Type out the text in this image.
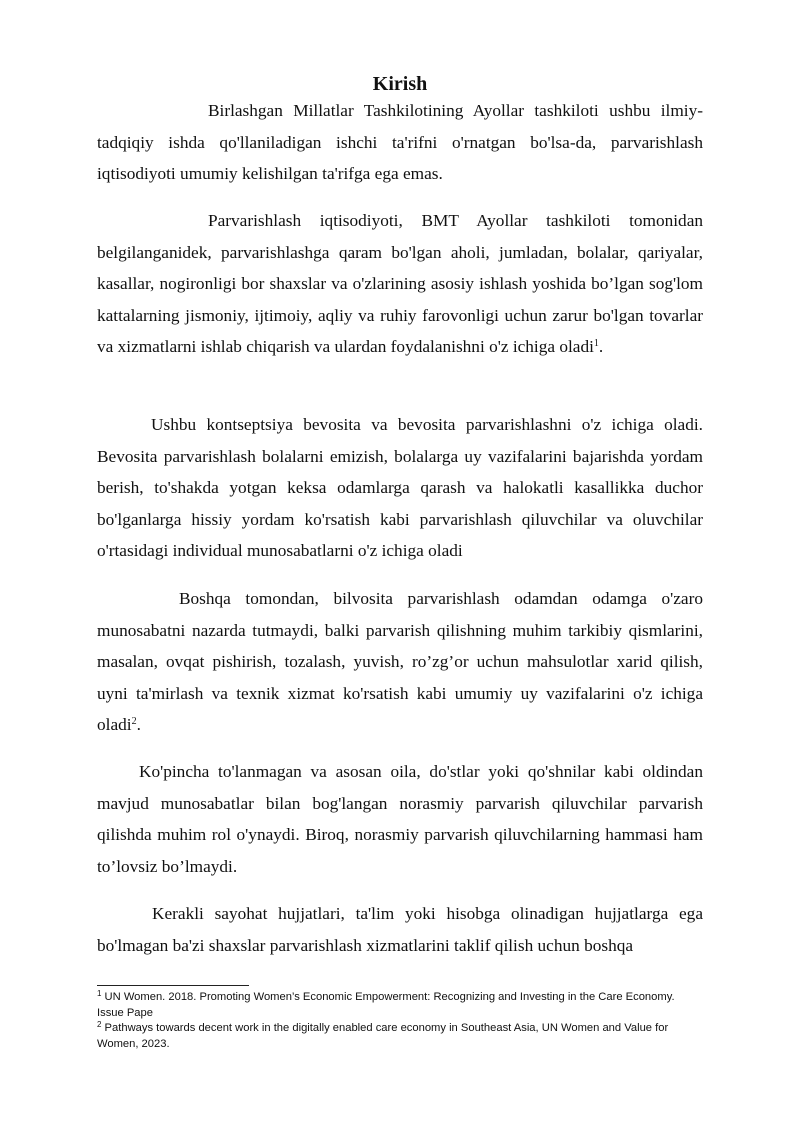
Kirish

Birlashgan Millatlar Tashkilotining Ayollar tashkiloti ushbu ilmiy-tadqiqiy ishda qo'llaniladigan ishchi ta'rifni o'rnatgan bo'lsa-da, parvarishlash iqtisodiyoti umumiy kelishilgan ta'rifga ega emas.

Parvarishlash iqtisodiyoti, BMT Ayollar tashkiloti tomonidan belgilanganidek, parvarishlashga qaram bo'lgan aholi, jumladan, bolalar, qariyalar, kasallar, nogironligi bor shaxslar va o'zlarining asosiy ishlash yoshida bo’lgan sog'lom kattalarning jismoniy, ijtimoiy, aqliy va ruhiy farovonligi uchun zarur bo'lgan tovarlar va xizmatlarni ishlab chiqarish va ulardan foydalanishni o'z ichiga oladi$^1$.

Ushbu kontseptsiya bevosita va bevosita parvarishlashni o'z ichiga oladi. Bevosita parvarishlash bolalarni emizish, bolalarga uy vazifalarini bajarishda yordam berish, to'shakda yotgan keksa odamlarga qarash va halokatli kasallikka duchor bo'lganlarga hissiy yordam ko'rsatish kabi parvarishlash qiluvchilar va oluvchilar o'rtasidagi individual munosabatlarni o'z ichiga oladi

Boshqa tomondan, bilvosita parvarishlash odamdan odamga o'zaro munosabatni nazarda tutmaydi, balki parvarish qilishning muhim tarkibiy qismlarini, masalan, ovqat pishirish, tozalash, yuvish, ro’zg’or uchun mahsulotlar xarid qilish, uyni ta'mirlash va texnik xizmat ko'rsatish kabi umumiy uy vazifalarini o'z ichiga oladi$^2$.

Ko'pincha to'lanmagan va asosan oila, do'stlar yoki qo'shnilar kabi oldindan mavjud munosabatlar bilan bog'langan norasmiy parvarish qiluvchilar parvarish qilishda muhim rol o'ynaydi. Biroq, norasmiy parvarish qiluvchilarning hammasi ham to’lovsiz bo’lmaydi.

Kerakli sayohat hujjatlari, ta'lim yoki hisobga olinadigan hujjatlarga ega bo'lmagan ba'zi shaxslar parvarishlash xizmatlarini taklif qilish uchun boshqa

$^1$ UN Women. 2018. Promoting Women’s Economic Empowerment: Recognizing and Investing in the Care Economy. Issue Pape

$^2$ Pathways towards decent work in the digitally enabled care economy in Southeast Asia, UN Women and Value for Women, 2023.
